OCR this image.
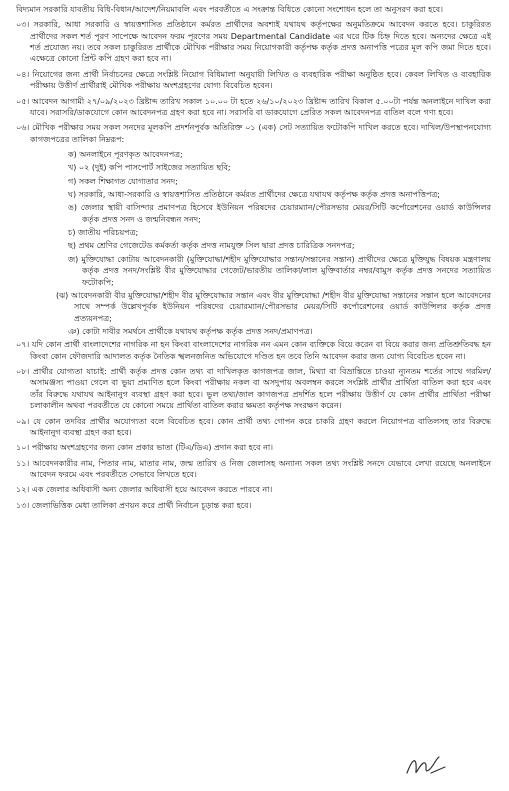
বিদ্যমান সরকারি যাবতীয় বিধি-বিধান/আদেশ/নিয়মাবলি এবং পরবর্তীতে এ সংক্রান্ত বিধিতে কোনো সংশোধন হলে তা অনুসরণ করা হবে।

০৩। সরকারি, আধা সরকারি ও স্বায়ত্তশাসিত প্রতিষ্ঠানে কর্মরত প্রার্থীদের অবশ্যই যথাযথ কর্তৃপক্ষের অনুমতিক্রমে আবেদন করতে হবে। চাকুরিরত প্রার্থীদের সকল শর্ত পূরণ সাপেক্ষে আবেদন ফরম পূরণের সময় Departmental Candidate এর ঘরে টিক চিহ্ন দিতে হবে। অন্যদের ক্ষেত্রে এই শর্ত প্রযোজ্য নয়। তবে সকল চাকুরিরত প্রার্থীকে মৌখিক পরীক্ষার সময় নিয়োগকারী কর্তৃপক্ষ কর্তৃক প্রদত্ত অনাপত্তি পত্রের মূল কপি জমা দিতে হবে। এক্ষেত্রে কোনো প্রিন্ট কপি গ্রহণ করা হবে না।

০৪। নিয়োগের জন্য প্রার্থী নির্বাচনের ক্ষেত্রে সংশ্লিষ্ট নিয়োগ বিধিমালা অনুযায়ী লিখিত ও ব্যবহারিক পরীক্ষা অনুষ্ঠিত হবে। কেবল লিখিত ও ব্যবহারিক পরীক্ষায় উত্তীর্ণ প্রার্থীরাই মৌখিক পরীক্ষায় অংশগ্রহণের যোগ্য বিবেচিত হবেন।

০৫। আবেদন আগামী ২৭/০৯/২০২৩ খ্রিষ্টাব্দ তারিখ সকাল ১০.০০ টা হতে ২৬/১০/২০২৩ খ্রিষ্টাব্দ তারিখ বিকাল ৫.০০টা পর্যন্ত অনলাইনে দাখিল করা যাবে। সরাসরি/ডাকযোগে কোন আবেদনপত্র গ্রহণ করা হবে না। সরাসরি বা ডাকযোগে প্রেরিত সকল আবেদনপত্র বাতিল বলে গণ্য হবে।

০৬। মৌখিক পরীক্ষার সময় সকল সনদের মূলকপি প্রদর্শনপূর্বক অতিরিক্ত ০১ (এক) সেট সত্যায়িত ফটোকপি দাখিল করতে হবে। দাখিল/উপস্থাপনযোগ্য কাগজপত্রের তালিকা নিম্নরূপ:

ক) অনলাইনে পূরণকৃত আবেদনপত্র;

খ) ০২ (দুই) কপি পাসপোর্ট সাইজের সত্যায়িত ছবি;

গ) সকল শিক্ষাগত যোগ্যতার সনদ;

ঘ) সরকারি, আধা-সরকারি ও স্বায়ত্তশাসিত প্রতিষ্ঠানে কর্মরত প্রার্থীদের ক্ষেত্রে যথাযথ কর্তৃপক্ষ কর্তৃক প্রদত্ত অনাপত্তিপত্র;

ঙ) জেলার স্থায়ী বাসিন্দার প্রমাণপত্র হিসেবে ইউনিয়ন পরিষদের চেয়ারম্যান/পৌরসভার মেয়র/সিটি কর্পোরেশনের ওয়ার্ড কাউন্সিলর কর্তৃক প্রদত্ত সনদ ও জন্মনিবন্ধন সনদ;

চ) জাতীয় পরিচয়পত্র;

ছ) প্রথম শ্রেণির গেজেটেড কর্মকর্তা কর্তৃক প্রদত্ত নামযুক্ত সিল দ্বারা প্রদত্ত চারিত্রিক সনদপত্র;

জ) মুক্তিযোদ্ধা কোটায় আবেদনকারী (মুক্তিযোদ্ধা/শহীদ মুক্তিযোদ্ধার সন্তান/সন্তানের সন্তান) প্রার্থীদের ক্ষেত্রে মুক্তিযুদ্ধ বিষয়ক মন্ত্রণালয় কর্তৃক প্রদত্ত সনদ/সংশ্লিষ্ট বীর মুক্তিযোদ্ধার গেজেট/ভারতীয় তালিকা/লাল মুক্তিবার্তার নম্বর/বামুস কর্তৃক প্রদত্ত সনদের সত্যায়িত ফটোকপি;

(ঝ) আবেদনকারী বীর মুক্তিযোদ্ধা/শহীদ বীর মুক্তিযোদ্ধার সন্তান এবং বীর মুক্তিযোদ্ধা /শহীদ বীর মুক্তিযোদ্ধা সন্তানের সন্তান হলে আবেদনের সাথে সম্পর্ক উল্লেখপূর্বক ইউনিয়ন পরিষদের চেয়ারম্যান/পৌরসভার মেয়র/সিটি কর্পোরেশনের ওয়ার্ড কাউন্সিলর কর্তৃক প্রদত্ত প্রত্যয়নপত্র;

ঞ) কোটা দাবীর সমর্থনে প্রার্থীকে যথাযথ কর্তৃপক্ষ কর্তৃক প্রদত্ত সনদ/প্রমাণপত্র।

০৭। যদি কোন প্রার্থী বাংলাদেশের নাগরিক না হন কিংবা বাংলাদেশের নাগরিক নন এমন কোন ব্যক্তিকে বিয়ে করেন বা বিয়ে করার জন্য প্রতিশ্রুতিবদ্ধ হন কিংবা কোন ফৌজদারি আদালত কর্তৃক নৈতিক স্খলনজনিত অভিযোগে দণ্ডিত হন তবে তিনি আবেদন করার জন্য যোগ্য বিবেচিত হবেন না।

০৮। প্রার্থীর যোগ্যতা যাচাই: প্রার্থী কর্তৃক প্রদত্ত কোন তথ্য বা দাখিলকৃত কাগজপত্র জাল, মিথ্যা বা বিভ্রান্তিতে চাওয়া ন্যূনতম শর্তের সাথে গরমিল/অসামঞ্জস্য পাওয়া গেলে বা ভুয়া প্রমাণিত হলে কিংবা পরীক্ষায় নকল বা অসদুপায় অবলম্বন করলে সংশ্লিষ্ট প্রার্থীর প্রার্থিতা বাতিল করা হবে এবং তাঁর বিরুদ্ধে যথাযথ আইনানুগ ব্যবস্থা গ্রহণ করা হবে। ভুল তথ্য/জাল কাগজপত্র প্রদর্শিত হলে পরীক্ষায় উত্তীর্ণ যে কোন প্রার্থীর প্রার্থিতা পরীক্ষা চলাকালীন অথবা পরবর্তীতে যে কোনো সময়ে প্রার্থিতা বাতিল করার ক্ষমতা কর্তৃপক্ষ সংরক্ষণ করেন।

০৯। যে কোন তদবির প্রার্থীর অযোগ্যতা বলে বিবেচিত হবে। কোন প্রার্থী তথ্য গোপন করে চাকরি গ্রহণ করলে নিয়োগপত্র বাতিলসহ তার বিরুদ্ধে আইনানুগ ব্যবস্থা গ্রহণ করা হবে।

১০। পরীক্ষায় অংশগ্রহণের জন্য কোন প্রকার ভাতা (টিএ/ডিএ) প্রদান করা হবে না।

১১। আবেদনকারীর নাম, পিতার নাম, মাতার নাম, জন্ম তারিখ ও নিজ জেলাসহ অন্যান্য সকল তথ্য সংশ্লিষ্ট সনদে যেভাবে লেখা রয়েছে অনলাইনে আবেদন ফরমে এবং পরবর্তীতে সেভাবে লিখতে হবে।

১২। এক জেলার অধিবাসী অন্য জেলার অধিবাসী হয়ে আবেদন করতে পারবে না।

১৩। জেলাভিত্তিক মেধা তালিকা প্রণয়ন করে প্রার্থী নির্বাচন চূড়ান্ত করা হবে।
